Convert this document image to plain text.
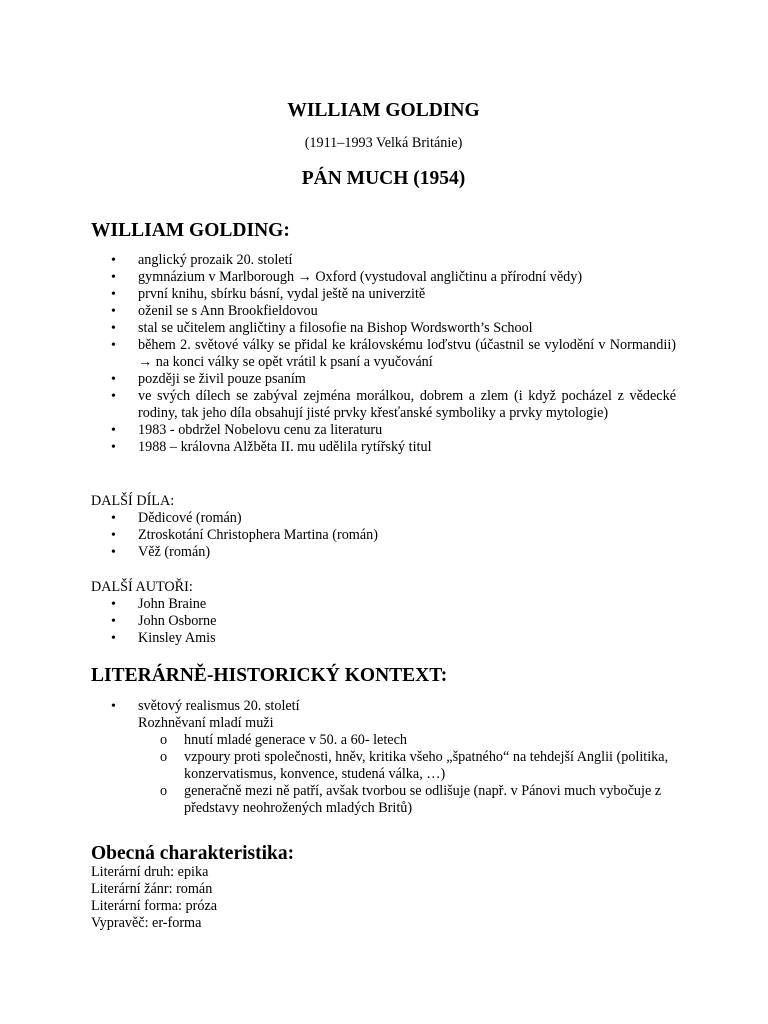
WILLIAM GOLDING
(1911–1993 Velká Británie)
PÁN MUCH (1954)
WILLIAM GOLDING:
• anglický prozaik 20. století
• gymnázium v Marlborough → Oxford (vystudoval angličtinu a přírodní vědy)
• první knihu, sbírku básní, vydal ještě na univerzitě
• oženil se s Ann Brookfieldovou
• stal se učitelem angličtiny a filosofie na Bishop Wordsworth’s School
• během 2. světové války se přidal ke královskému loďstvu (účastnil se vylodění v Normandii) → na konci války se opět vrátil k psaní a vyučování
• později se živil pouze psaním
• ve svých dílech se zabýval zejména morálkou, dobrem a zlem (i když pocházel z vědecké rodiny, tak jeho díla obsahují jisté prvky křesťanské symboliky a prvky mytologie)
• 1983 - obdržel Nobelovu cenu za literaturu
• 1988 – královna Alžběta II. mu udělila rytířský titul
DALŠÍ DÍLA:
• Dědicové (román)
• Ztroskotání Christophera Martina (román)
• Věž (román)
DALŠÍ AUTOŘI:
• John Braine
• John Osborne
• Kinsley Amis
LITERÁRNĚ-HISTORICKÝ KONTEXT:
• světový realismus 20. století
Rozhněvaní mladí muži
o hnutí mladé generace v 50. a 60- letech
o vzpoury proti společnosti, hněv, kritika všeho „špatného“ na tehdejší Anglii (politika, konzervatismus, konvence, studená válka, …)
o generačně mezi ně patří, avšak tvorbou se odlišuje (např. v Pánovi much vybočuje z představy neohrožených mladých Britů)
Obecná charakteristika:
Literární druh: epika
Literární žánr: román
Literární forma: próza
Vypravěč: er-forma
